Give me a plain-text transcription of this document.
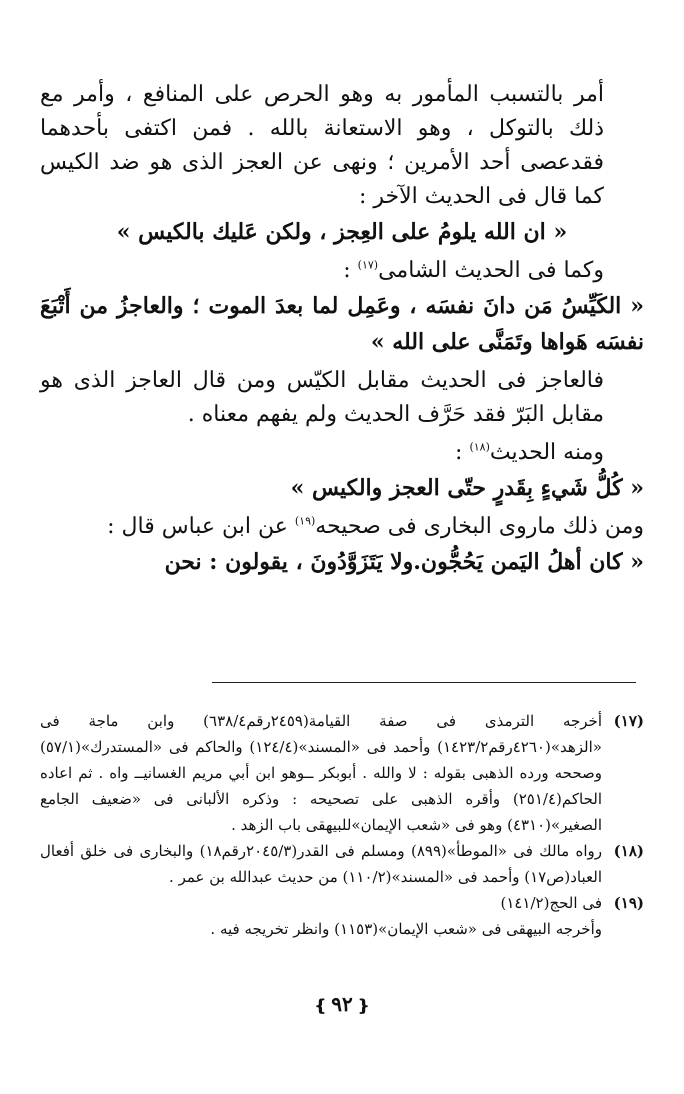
أمر بالتسبب المأمور به وهو الحرص على المنافع ، وأمر مع ذلك بالتوكل ، وهو الاستعانة بالله . فمن اكتفى بأحدهما فقدعصى أحد الأمرين ؛ ونهى عن العجز الذى هو ضد الكيس كما قال فى الحديث الآخر :

« ان الله يلومُ على العِجز ، ولكن عَليك بالكيس »

وكما فى الحديث الشامى$^{(١٧)}$ :

« الكَيِّسُ مَن دانَ نفسَه ، وعَمِل لما بعدَ الموت ؛ والعاجزُ من أَتْبَعَ نفسَه هَواها وتَمَنَّى على الله »

فالعاجز فى الحديث مقابل الكيّس ومن قال العاجز الذى هو مقابل البَرّ فقد حَرَّف الحديث ولم يفهم معناه .

ومنه الحديث$^{(١٨)}$ :

« كُلُّ شَيءٍ بِقَدرٍ حتّى العجز والكيس »

ومن ذلك ماروى البخارى فى صحيحه$^{(١٩)}$ عن ابن عباس قال :

« كان أهلُ اليَمن يَحُجُّون.ولا يَتَزَوَّدُونَ ، يقولون : نحن

(١٧)
أخرجه الترمذى فى صفة القيامة(٢٤٥٩رقم٦٣٨/٤) وابن ماجة فى «الزهد»(٤٢٦٠رقم١٤٢٣/٢) وأحمد فى «المسند»(١٢٤/٤) والحاكم فى «المستدرك»(٥٧/١) وصححه ورده الذهبى بقوله : لا والله . أبوبكر ــوهو ابن أبي مريم الغسانيــ واه . ثم اعاده الحاكم(٢٥١/٤) وأقره الذهبى على تصحيحه : وذكره الألبانى فى «ضعيف الجامع الصغير»(٤٣١٠) وهو فى «شعب الإيمان»للبيهقى باب الزهد .
(١٨)
رواه مالك فى «الموطأ»(٨٩٩) ومسلم فى القدر(٢٠٤٥/٣رقم١٨) والبخارى فى خلق أفعال العباد(ص١٧) وأحمد فى «المسند»(١١٠/٢) من حديث عبدالله بن عمر .
(١٩)
فى الحج(١٤١/٢)

وأخرجه البيهقى فى «شعب الإيمان»(١١٥٣) وانظر تخريجه فيه .

❴ ٩٢ ❵
